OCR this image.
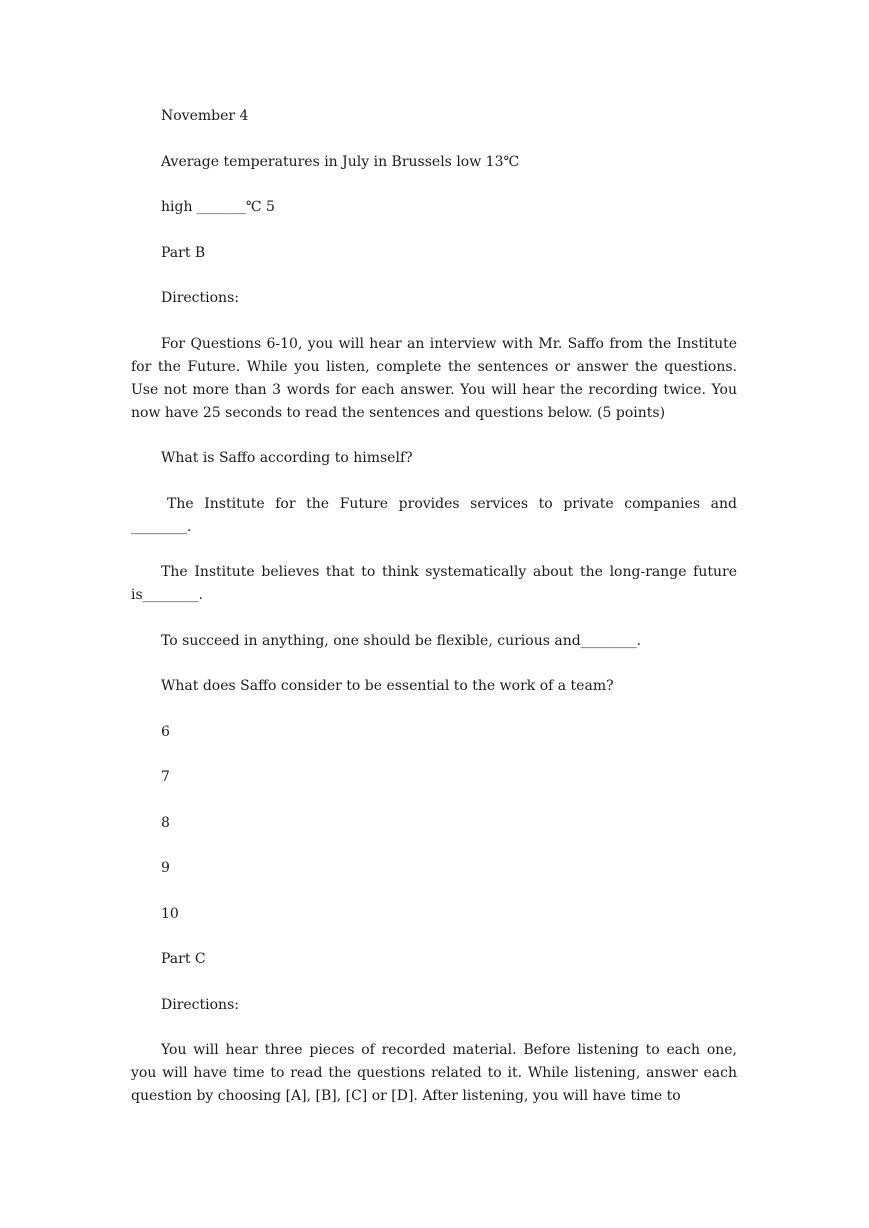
November 4

Average temperatures in July in Brussels low 13℃

high _______℃ 5

Part B

Directions:

For Questions 6-10, you will hear an interview with Mr. Saffo from the Institute for the Future. While you listen, complete the sentences or answer the questions. Use not more than 3 words for each answer. You will hear the recording twice. You now have 25 seconds to read the sentences and questions below. (5 points)

What is Saffo according to himself?

The Institute for the Future provides services to private companies and ________.

The Institute believes that to think systematically about the long-range future is________.

To succeed in anything, one should be flexible, curious and________.

What does Saffo consider to be essential to the work of a team?

6

7

8

9

10

Part C

Directions:

You will hear three pieces of recorded material. Before listening to each one, you will have time to read the questions related to it. While listening, answer each question by choosing [A], [B], [C] or [D]. After listening, you will have time to
